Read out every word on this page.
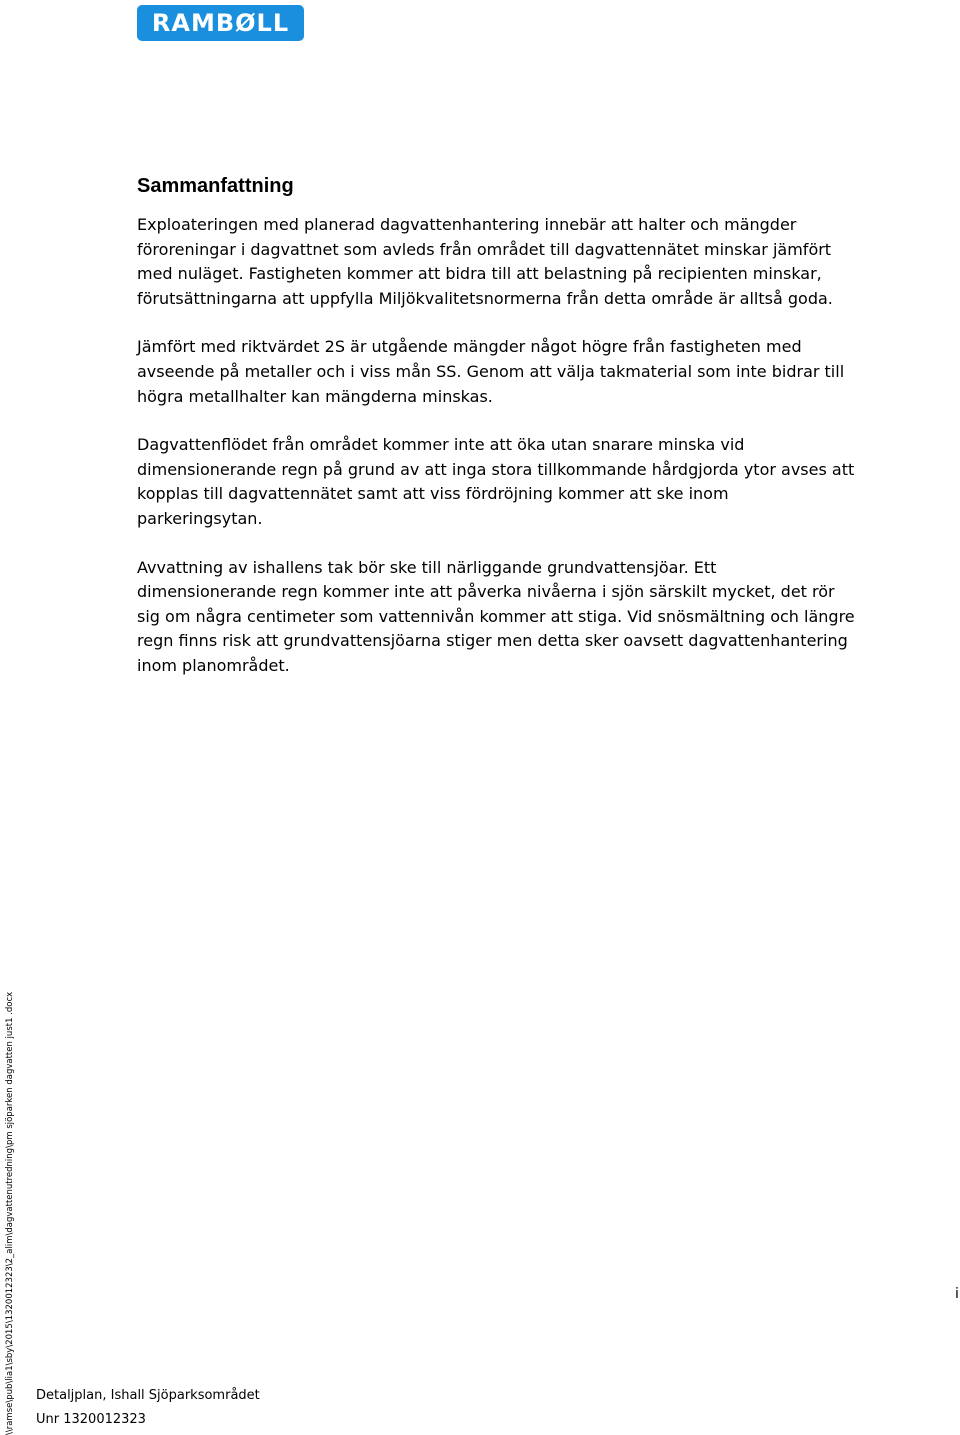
RAMBØLL
Sammanfattning

Exploateringen med planerad dagvattenhantering innebär att halter och mängder föroreningar i dagvattnet som avleds från området till dagvattennätet minskar jämfört med nuläget. Fastigheten kommer att bidra till att belastning på recipienten minskar, förutsättningarna att uppfylla Miljökvalitetsnormerna från detta område är alltså goda.

Jämfört med riktvärdet 2S är utgående mängder något högre från fastigheten med avseende på metaller och i viss mån SS. Genom att välja takmaterial som inte bidrar till högra metallhalter kan mängderna minskas.

Dagvattenflödet från området kommer inte att öka utan snarare minska vid dimensionerande regn på grund av att inga stora tillkommande hårdgjorda ytor avses att kopplas till dagvattennätet samt att viss fördröjning kommer att ske inom parkeringsytan.

Avvattning av ishallens tak bör ske till närliggande grundvattensjöar. Ett dimensionerande regn kommer inte att påverka nivåerna i sjön särskilt mycket, det rör sig om några centimeter som vattennivån kommer att stiga. Vid snösmältning och längre regn finns risk att grundvattensjöarna stiger men detta sker oavsett dagvattenhantering inom planområdet.

\\ramse\pub\lia1\sby\2015\1320012323\2_alim\dagvattenutredning\pm sjöparken dagvatten just1 .docx	i
Detaljplan, Ishall Sjöparksområdet
Unr 1320012323
